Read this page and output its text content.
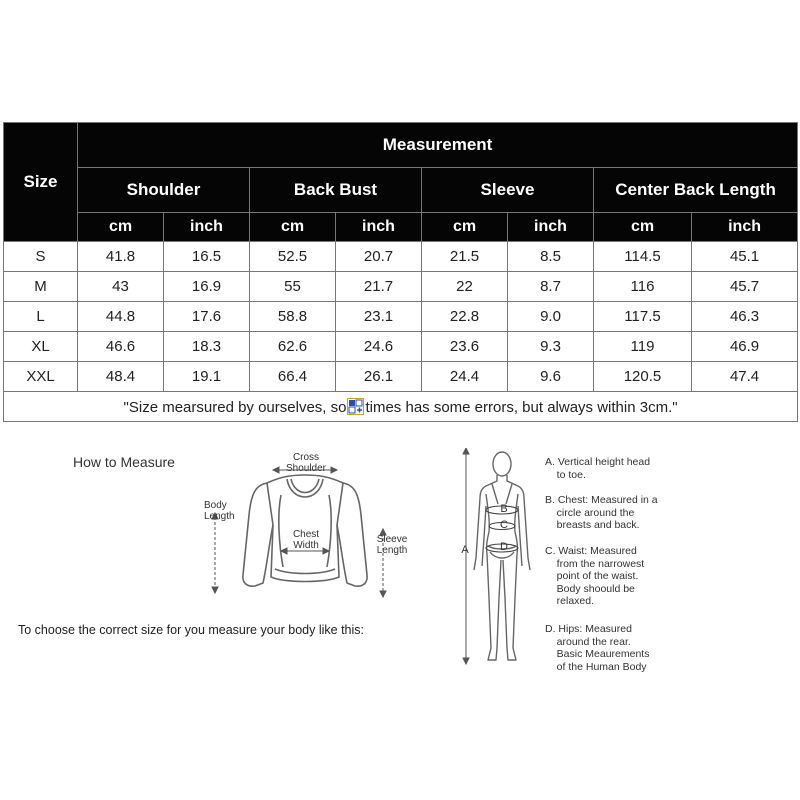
Size	Measurement							
	Shoulder		Back Bust		Sleeve		Center Back Length	
	cm	inch	cm	inch	cm	inch	cm	inch
S	41.8	16.5	52.5	20.7	21.5	8.5	114.5	45.1
M	43	16.9	55	21.7	22	8.7	116	45.7
L	44.8	17.6	58.8	23.1	22.8	9.0	117.5	46.3
XL	46.6	18.3	62.6	24.6	23.6	9.3	119	46.9
XXL	48.4	19.1	66.4	26.1	24.4	9.6	120.5	47.4
"Size mearsured by ourselves, so times has some errors, but always within 3cm."								
How to Measure	Cross
Shoulder
Body
Length
Chest
Width
Sleeve
Length
To choose the correct size for you measure your body like this:
A
B
C
D
A. Vertical height head
to toe.
B. Chest: Measured in a
circle around the
breasts and back.
C. Waist: Measured
from the narrowest
point of the waist.
Body shoould be
relaxed.
D. Hips: Measured
around the rear.
Basic Meaurements
of the Human Body
